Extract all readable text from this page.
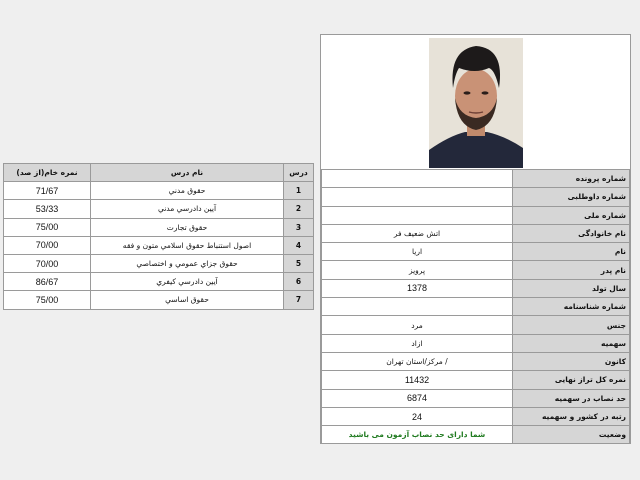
نمره خام(از صد)	نام درس	درس
71/67	حقوق مدني	1
53/33	آيين دادرسي مدني	2
75/00	حقوق تجارت	3
70/00	اصول استنباط حقوق اسلامي متون و فقه	4
70/00	حقوق جزاي عمومي و اختصاصي	5
86/67	آيين دادرسي كيفري	6
75/00	حقوق اساسي	7
	شماره پرونده
	شماره داوطلبی
	شماره ملی
اتش ضعیف فر	نام خانوادگی
اريا	نام
پرويز	نام پدر
1378	سال تولد
	شماره شناسنامه
مرد	جنس
ازاد	سهمیه
/ مرکز/استان تهران	کانون
11432	نمره کل تراز نهایی
6874	حد نصاب در سهمیه
24	رتبه در کشور و سهمیه
شما دارای حد نصاب آزمون می باشید	وضعیت
